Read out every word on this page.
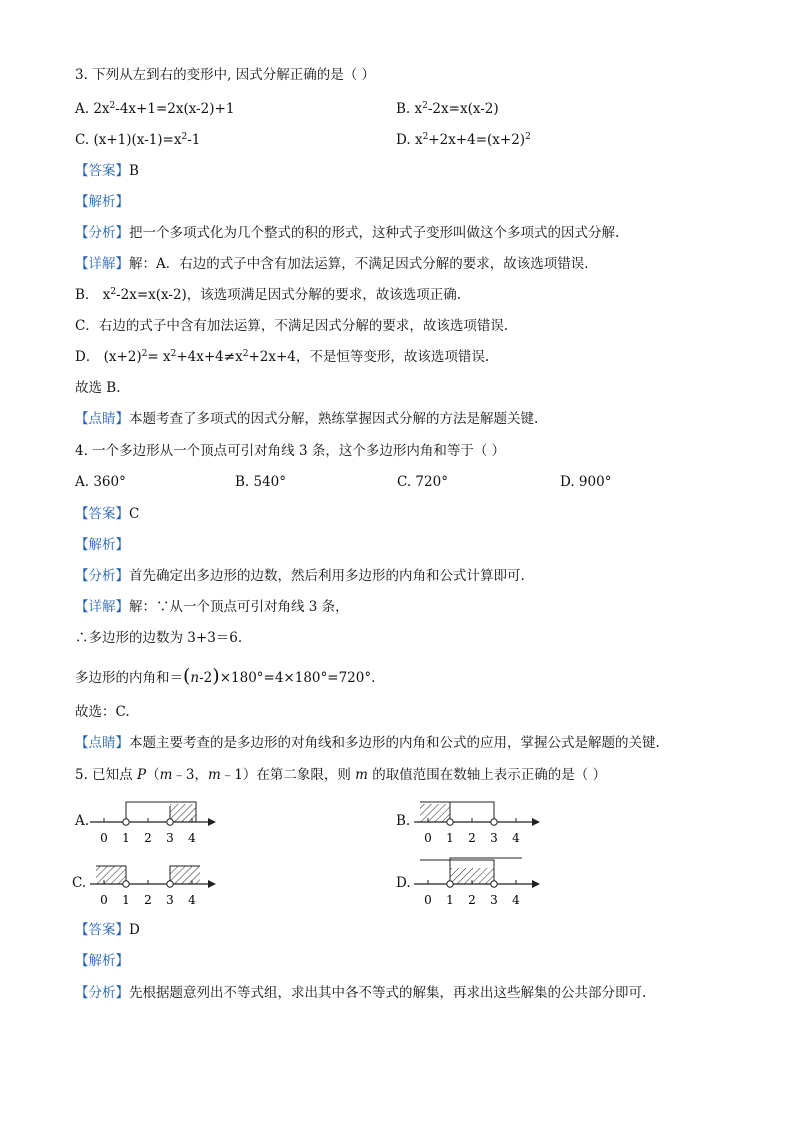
3. 下列从左到右的变形中, 因式分解正确的是（ ）
A. $2x^2-4x+1=2x(x-2)+1$	B. $x^2-2x=x(x-2)$
C. $(x+1)(x-1)=x^2-1$	D. $x^2+2x+4=(x+2)^2$
【答案】B
【解析】
【分析】把一个多项式化为几个整式的积的形式，这种式子变形叫做这个多项式的因式分解.
【详解】解：A．右边的式子中含有加法运算，不满足因式分解的要求，故该选项错误.
B． $x^2-2x=x(x-2)$，该选项满足因式分解的要求，故该选项正确.
C．右边的式子中含有加法运算，不满足因式分解的要求，故该选项错误.
D． $(x+2)^2= x^2+4x+4\ne x^2+2x+4$，不是恒等变形，故该选项错误.
故选 B.
【点睛】本题考查了多项式的因式分解，熟练掌握因式分解的方法是解题关键.
4. 一个多边形从一个顶点可引对角线 3 条，这个多边形内角和等于（ ）
A. 360°	B. 540°	C. 720°	D. 900°
【答案】C
【解析】
【分析】首先确定出多边形的边数，然后利用多边形的内角和公式计算即可.
【详解】解：∵从一个顶点可引对角线 3 条，
∴多边形的边数为 3+3＝6.
多边形的内角和＝(n-2)×180°=4×180°=720°.
故选：C.
【点睛】本题主要考查的是多边形的对角线和多边形的内角和公式的应用，掌握公式是解题的关键.
5. 已知点 P（m﹣3，m﹣1）在第二象限，则 m 的取值范围在数轴上表示正确的是（ ）
A.
0 1 2 3 4
B.
0 1 2 3 4
C.
0 1 2 3 4
D.
0 1 2 3 4
【答案】D
【解析】
【分析】先根据题意列出不等式组，求出其中各不等式的解集，再求出这些解集的公共部分即可.
